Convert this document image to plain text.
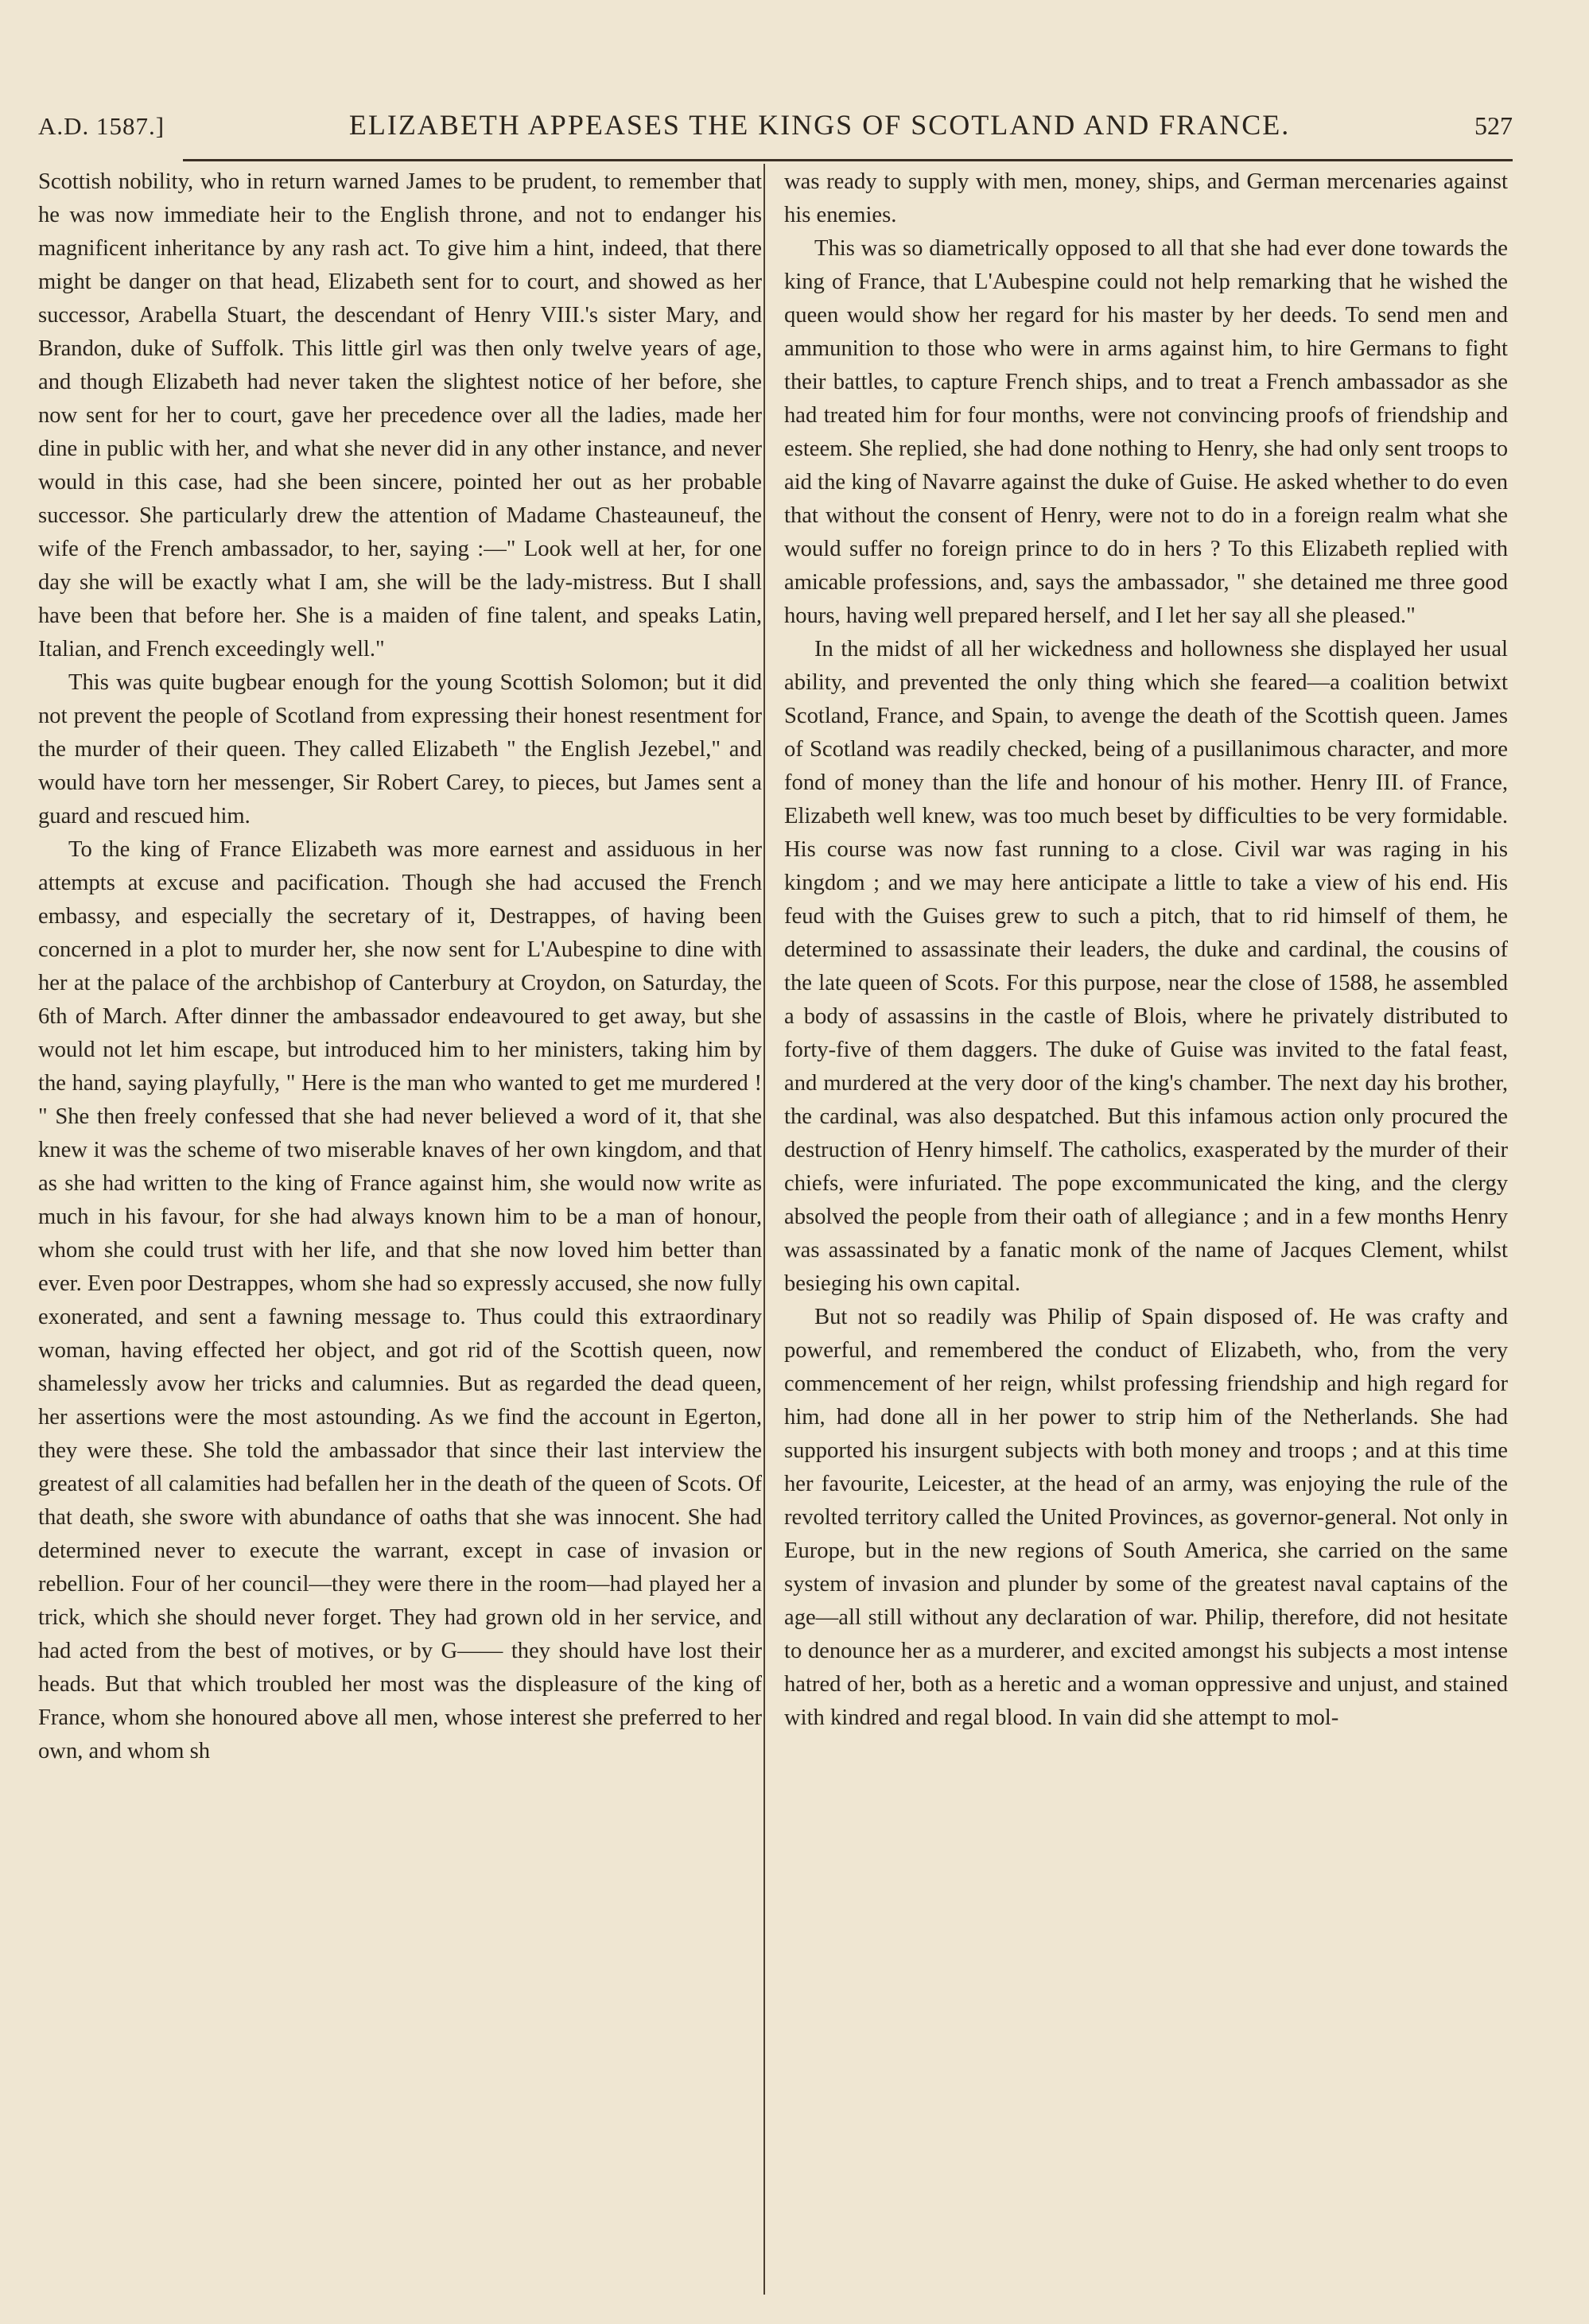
A.D. 1587.]	ELIZABETH APPEASES THE KINGS OF SCOTLAND AND FRANCE.	527

Scottish nobility, who in return warned James to be prudent, to remember that he was now immediate heir to the English throne, and not to endanger his magnificent inheritance by any rash act. To give him a hint, indeed, that there might be danger on that head, Elizabeth sent for to court, and showed as her successor, Arabella Stuart, the descendant of Henry VIII.'s sister Mary, and Brandon, duke of Suffolk. This little girl was then only twelve years of age, and though Elizabeth had never taken the slightest notice of her before, she now sent for her to court, gave her precedence over all the ladies, made her dine in public with her, and what she never did in any other instance, and never would in this case, had she been sincere, pointed her out as her probable successor. She particularly drew the attention of Madame Chasteauneuf, the wife of the French ambassador, to her, saying :—" Look well at her, for one day she will be exactly what I am, she will be the lady-mistress. But I shall have been that before her. She is a maiden of fine talent, and speaks Latin, Italian, and French exceedingly well."

This was quite bugbear enough for the young Scottish Solomon; but it did not prevent the people of Scotland from expressing their honest resentment for the murder of their queen. They called Elizabeth " the English Jezebel," and would have torn her messenger, Sir Robert Carey, to pieces, but James sent a guard and rescued him.

To the king of France Elizabeth was more earnest and assiduous in her attempts at excuse and pacification. Though she had accused the French embassy, and especially the secretary of it, Destrappes, of having been concerned in a plot to murder her, she now sent for L'Aubespine to dine with her at the palace of the archbishop of Canterbury at Croydon, on Saturday, the 6th of March. After dinner the ambassador endeavoured to get away, but she would not let him escape, but introduced him to her ministers, taking him by the hand, saying playfully, " Here is the man who wanted to get me murdered ! " She then freely confessed that she had never believed a word of it, that she knew it was the scheme of two miserable knaves of her own kingdom, and that as she had written to the king of France against him, she would now write as much in his favour, for she had always known him to be a man of honour, whom she could trust with her life, and that she now loved him better than ever. Even poor Destrappes, whom she had so expressly accused, she now fully exonerated, and sent a fawning message to. Thus could this extraordinary woman, having effected her object, and got rid of the Scottish queen, now shamelessly avow her tricks and calumnies. But as regarded the dead queen, her assertions were the most astounding. As we find the account in Egerton, they were these. She told the ambassador that since their last interview the greatest of all calamities had befallen her in the death of the queen of Scots. Of that death, she swore with abundance of oaths that she was innocent. She had determined never to execute the warrant, except in case of invasion or rebellion. Four of her council—they were there in the room—had played her a trick, which she should never forget. They had grown old in her service, and had acted from the best of motives, or by G—— they should have lost their heads. But that which troubled her most was the displeasure of the king of France, whom she honoured above all men, whose interest she preferred to her own, and whom sh

was ready to supply with men, money, ships, and German mercenaries against his enemies.

This was so diametrically opposed to all that she had ever done towards the king of France, that L'Aubespine could not help remarking that he wished the queen would show her regard for his master by her deeds. To send men and ammunition to those who were in arms against him, to hire Germans to fight their battles, to capture French ships, and to treat a French ambassador as she had treated him for four months, were not convincing proofs of friendship and esteem. She replied, she had done nothing to Henry, she had only sent troops to aid the king of Navarre against the duke of Guise. He asked whether to do even that without the consent of Henry, were not to do in a foreign realm what she would suffer no foreign prince to do in hers ? To this Elizabeth replied with amicable professions, and, says the ambassador, " she detained me three good hours, having well prepared herself, and I let her say all she pleased."

In the midst of all her wickedness and hollowness she displayed her usual ability, and prevented the only thing which she feared—a coalition betwixt Scotland, France, and Spain, to avenge the death of the Scottish queen. James of Scotland was readily checked, being of a pusillanimous character, and more fond of money than the life and honour of his mother. Henry III. of France, Elizabeth well knew, was too much beset by difficulties to be very formidable. His course was now fast running to a close. Civil war was raging in his kingdom ; and we may here anticipate a little to take a view of his end. His feud with the Guises grew to such a pitch, that to rid himself of them, he determined to assassinate their leaders, the duke and cardinal, the cousins of the late queen of Scots. For this purpose, near the close of 1588, he assembled a body of assassins in the castle of Blois, where he privately distributed to forty-five of them daggers. The duke of Guise was invited to the fatal feast, and murdered at the very door of the king's chamber. The next day his brother, the cardinal, was also despatched. But this infamous action only procured the destruction of Henry himself. The catholics, exasperated by the murder of their chiefs, were infuriated. The pope excommunicated the king, and the clergy absolved the people from their oath of allegiance ; and in a few months Henry was assassinated by a fanatic monk of the name of Jacques Clement, whilst besieging his own capital.

But not so readily was Philip of Spain disposed of. He was crafty and powerful, and remembered the conduct of Elizabeth, who, from the very commencement of her reign, whilst professing friendship and high regard for him, had done all in her power to strip him of the Netherlands. She had supported his insurgent subjects with both money and troops ; and at this time her favourite, Leicester, at the head of an army, was enjoying the rule of the revolted territory called the United Provinces, as governor-general. Not only in Europe, but in the new regions of South America, she carried on the same system of invasion and plunder by some of the greatest naval captains of the age—all still without any declaration of war. Philip, therefore, did not hesitate to denounce her as a murderer, and excited amongst his subjects a most intense hatred of her, both as a heretic and a woman oppressive and unjust, and stained with kindred and regal blood. In vain did she attempt to mol-
